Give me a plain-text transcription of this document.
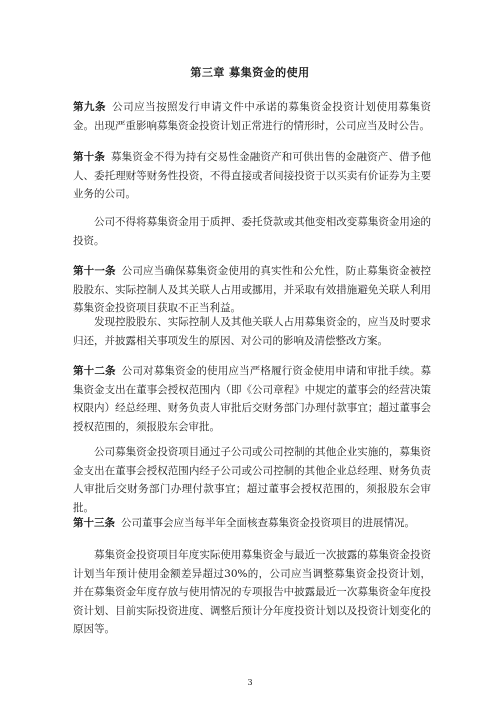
第三章 募集资金的使用

第九条 公司应当按照发行申请文件中承诺的募集资金投资计划使用募集资金。出现严重影响募集资金投资计划正常进行的情形时，公司应当及时公告。

第十条 募集资金不得为持有交易性金融资产和可供出售的金融资产、借予他人、委托理财等财务性投资，不得直接或者间接投资于以买卖有价证券为主要业务的公司。

公司不得将募集资金用于质押、委托贷款或其他变相改变募集资金用途的投资。

第十一条 公司应当确保募集资金使用的真实性和公允性，防止募集资金被控股股东、实际控制人及其关联人占用或挪用，并采取有效措施避免关联人利用募集资金投资项目获取不正当利益。

发现控股股东、实际控制人及其他关联人占用募集资金的，应当及时要求归还，并披露相关事项发生的原因、对公司的影响及清偿整改方案。

第十二条 公司对募集资金的使用应当严格履行资金使用申请和审批手续。募集资金支出在董事会授权范围内（即《公司章程》中规定的董事会的经营决策权限内）经总经理、财务负责人审批后交财务部门办理付款事宜；超过董事会授权范围的，须报股东会审批。

公司募集资金投资项目通过子公司或公司控制的其他企业实施的，募集资金支出在董事会授权范围内经子公司或公司控制的其他企业总经理、财务负责人审批后交财务部门办理付款事宜；超过董事会授权范围的，须报股东会审批。

第十三条 公司董事会应当每半年全面核查募集资金投资项目的进展情况。

募集资金投资项目年度实际使用募集资金与最近一次披露的募集资金投资计划当年预计使用金额差异超过30%的，公司应当调整募集资金投资计划，并在募集资金年度存放与使用情况的专项报告中披露最近一次募集资金年度投资计划、目前实际投资进度、调整后预计分年度投资计划以及投资计划变化的原因等。

3
